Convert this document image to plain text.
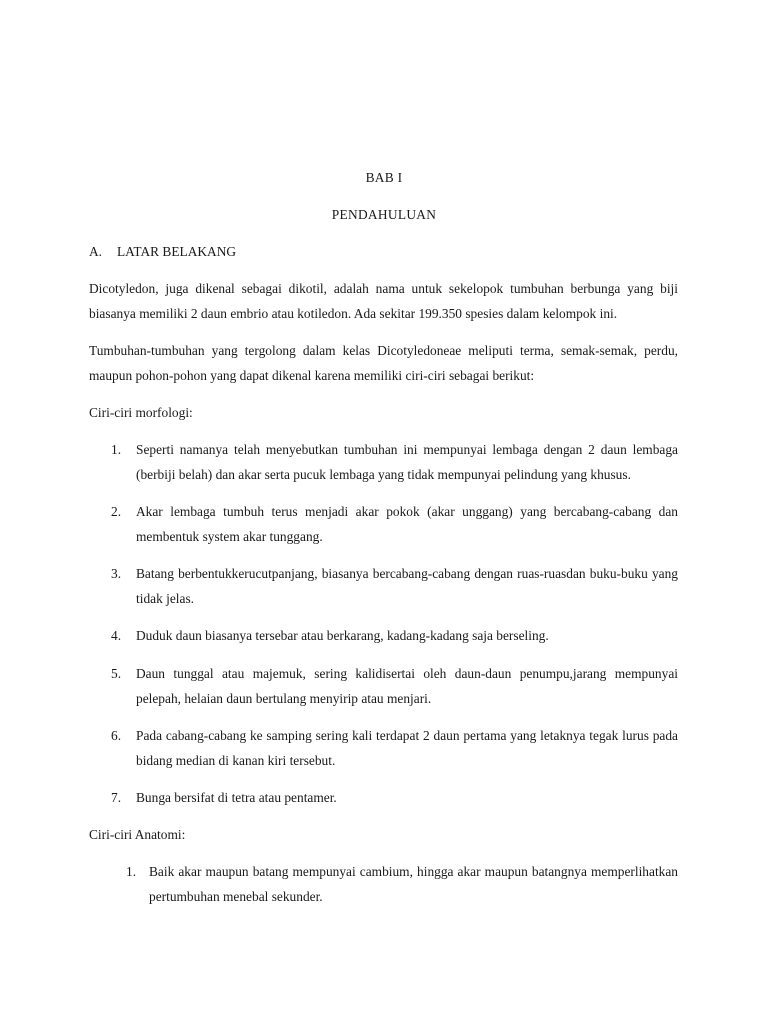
BAB I
PENDAHULUAN
A. LATAR BELAKANG
Dicotyledon, juga dikenal sebagai dikotil, adalah nama untuk sekelopok tumbuhan berbunga yang biji biasanya memiliki 2 daun embrio atau kotiledon. Ada sekitar 199.350 spesies dalam kelompok ini.
Tumbuhan-tumbuhan yang tergolong dalam kelas Dicotyledoneae meliputi terma, semak-semak, perdu, maupun pohon-pohon yang dapat dikenal karena memiliki ciri-ciri sebagai berikut:
Ciri-ciri morfologi:
1.	Seperti namanya telah menyebutkan tumbuhan ini mempunyai lembaga dengan 2 daun lembaga (berbiji belah) dan akar serta pucuk lembaga yang tidak mempunyai pelindung yang khusus.
2.	Akar lembaga tumbuh terus menjadi akar pokok (akar unggang) yang bercabang-cabang dan membentuk system akar tunggang.
3.	Batang berbentukkerucutpanjang, biasanya bercabang-cabang dengan ruas-ruasdan buku-buku yang tidak jelas.
4.	Duduk daun biasanya tersebar atau berkarang, kadang-kadang saja berseling.
5.	Daun tunggal atau majemuk, sering kalidisertai oleh daun-daun penumpu,jarang mempunyai pelepah, helaian daun bertulang menyirip atau menjari.
6.	Pada cabang-cabang ke samping sering kali terdapat 2 daun pertama yang letaknya tegak lurus pada bidang median di kanan kiri tersebut.
7.	Bunga bersifat di tetra atau pentamer.
Ciri-ciri Anatomi:
1. Baik akar maupun batang mempunyai cambium, hingga akar maupun batangnya memperlihatkan pertumbuhan menebal sekunder.
